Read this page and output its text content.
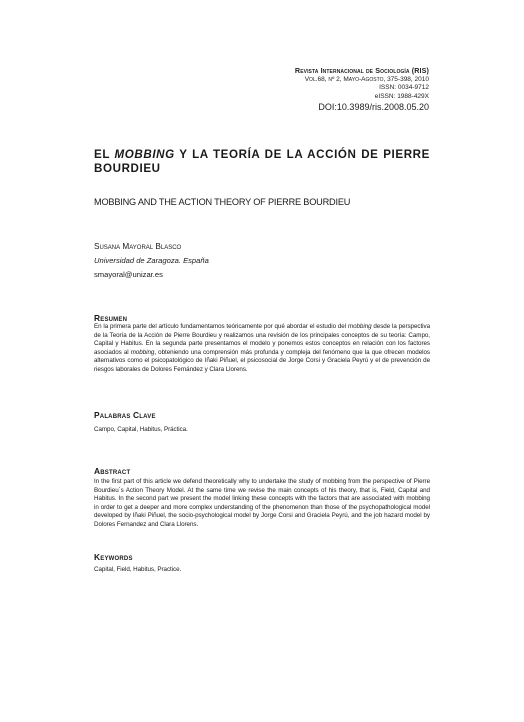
Revista Internacional de Sociología (RIS)
Vol.68, nº 2, Mayo-Agosto, 375-398, 2010
ISSN: 0034-9712
eISSN: 1988-429X
DOI:10.3989/ris.2008.05.20
EL MOBBING Y LA TEORÍA DE LA ACCIÓN DE PIERRE BOURDIEU
MOBBING AND THE ACTION THEORY OF PIERRE BOURDIEU
Susana Mayoral Blasco
Universidad de Zaragoza. España
smayoral@unizar.es
Resumen
En la primera parte del artículo fundamentamos teóricamente por qué abordar el estudio del mobbing desde la perspectiva de la Teoría de la Acción de Pierre Bourdieu y realizamos una revisión de los principales conceptos de su teoría: Campo, Capital y Habitus. En la segunda parte presentamos el modelo y ponemos estos conceptos en relación con los factores asociados al mobbing, obteniendo una comprensión más profunda y compleja del fenómeno que la que ofrecen modelos alternativos como el psicopatológico de Iñaki Piñuel, el psicosocial de Jorge Corsi y Graciela Peyrú y el de prevención de riesgos laborales de Dolores Fernández y Clara Llorens.
Palabras Clave
Campo, Capital, Habitus, Práctica.
Abstract
In the first part of this article we defend theoretically why to undertake the study of mobbing from the perspective of Pierre Bourdieu´s Action Theory Model. At the same time we revise the main concepts of his theory, that is, Field, Capital and Habitus. In the second part we present the model linking these concepts with the factors that are associated with mobbing in order to get a deeper and more complex understanding of the phenomenon than those of the psychopathological model developed by Iñaki Piñuel, the socio-psychological model by Jorge Corsi and Graciela Peyrú, and the job hazard model by Dolores Fernandez and Clara Llorens.
Keywords
Capital, Field, Habitus, Practice.
